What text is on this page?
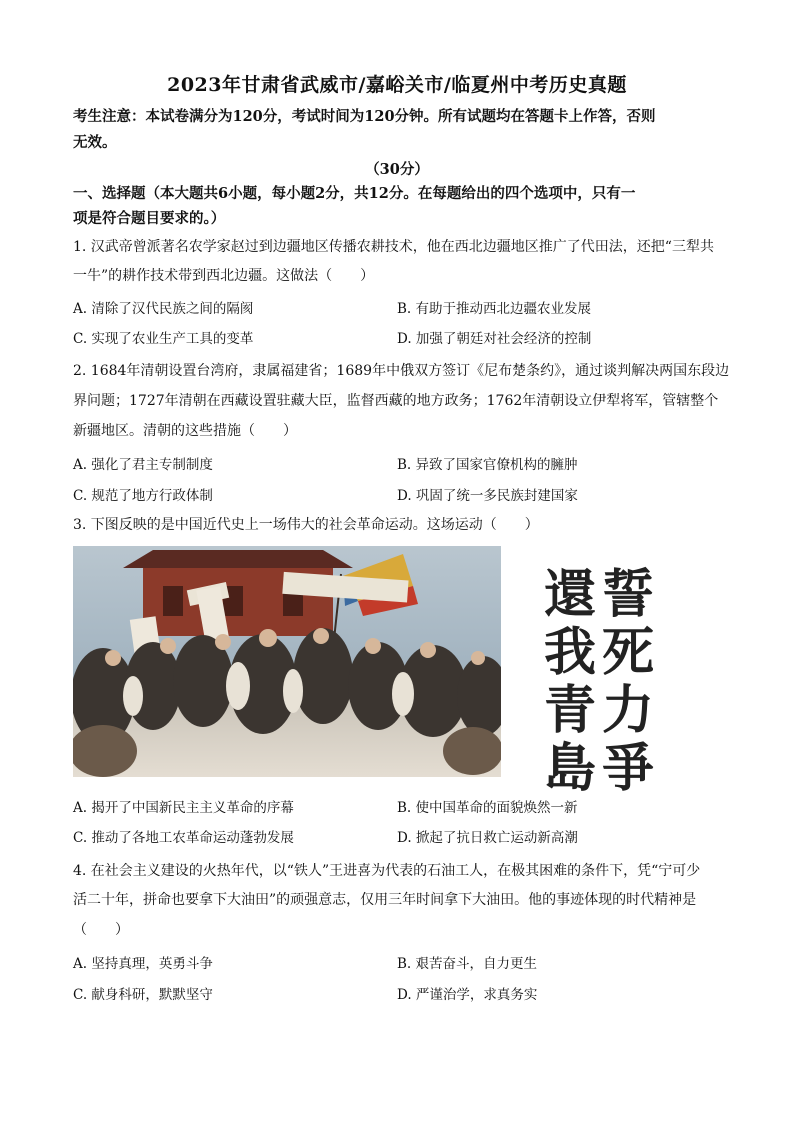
2023年甘肃省武威市/嘉峪关市/临夏州中考历史真题
考生注意：本试卷满分为120分，考试时间为120分钟。所有试题均在答题卡上作答，否则
无效。
（30分）
一、选择题（本大题共6小题，每小题2分，共12分。在每题给出的四个选项中，只有一
项是符合题目要求的。）
1. 汉武帝曾派著名农学家赵过到边疆地区传播农耕技术，他在西北边疆地区推广了代田法，还把“三犁共
一牛”的耕作技术带到西北边疆。这做法（　　）
A. 清除了汉代民族之间的隔阂	B. 有助于推动西北边疆农业发展
C. 实现了农业生产工具的变革	D. 加强了朝廷对社会经济的控制
2. 1684年清朝设置台湾府，隶属福建省；1689年中俄双方签订《尼布楚条约》，通过谈判解决两国东段边
界问题；1727年清朝在西藏设置驻藏大臣，监督西藏的地方政务；1762年清朝设立伊犁将军，管辖整个
新疆地区。清朝的这些措施（　　）
A. 强化了君主专制制度	B. 异致了国家官僚机构的臃肿
C. 规范了地方行政体制	D. 巩固了统一多民族封建国家
3. 下图反映的是中国近代史上一场伟大的社会革命运动。这场运动（　　）
還我青島
誓死力爭
A. 揭开了中国新民主主义革命的序幕	B. 使中国革命的面貌焕然一新
C. 推动了各地工农革命运动蓬勃发展	D. 掀起了抗日救亡运动新高潮
4. 在社会主义建设的火热年代，以“铁人”王进喜为代表的石油工人，在极其困难的条件下，凭“宁可少
活二十年，拼命也要拿下大油田”的顽强意志，仅用三年时间拿下大油田。他的事迹体现的时代精神是
（　　）
A. 坚持真理，英勇斗争	B. 艰苦奋斗，自力更生
C. 献身科研，默默坚守	D. 严谨治学，求真务实
